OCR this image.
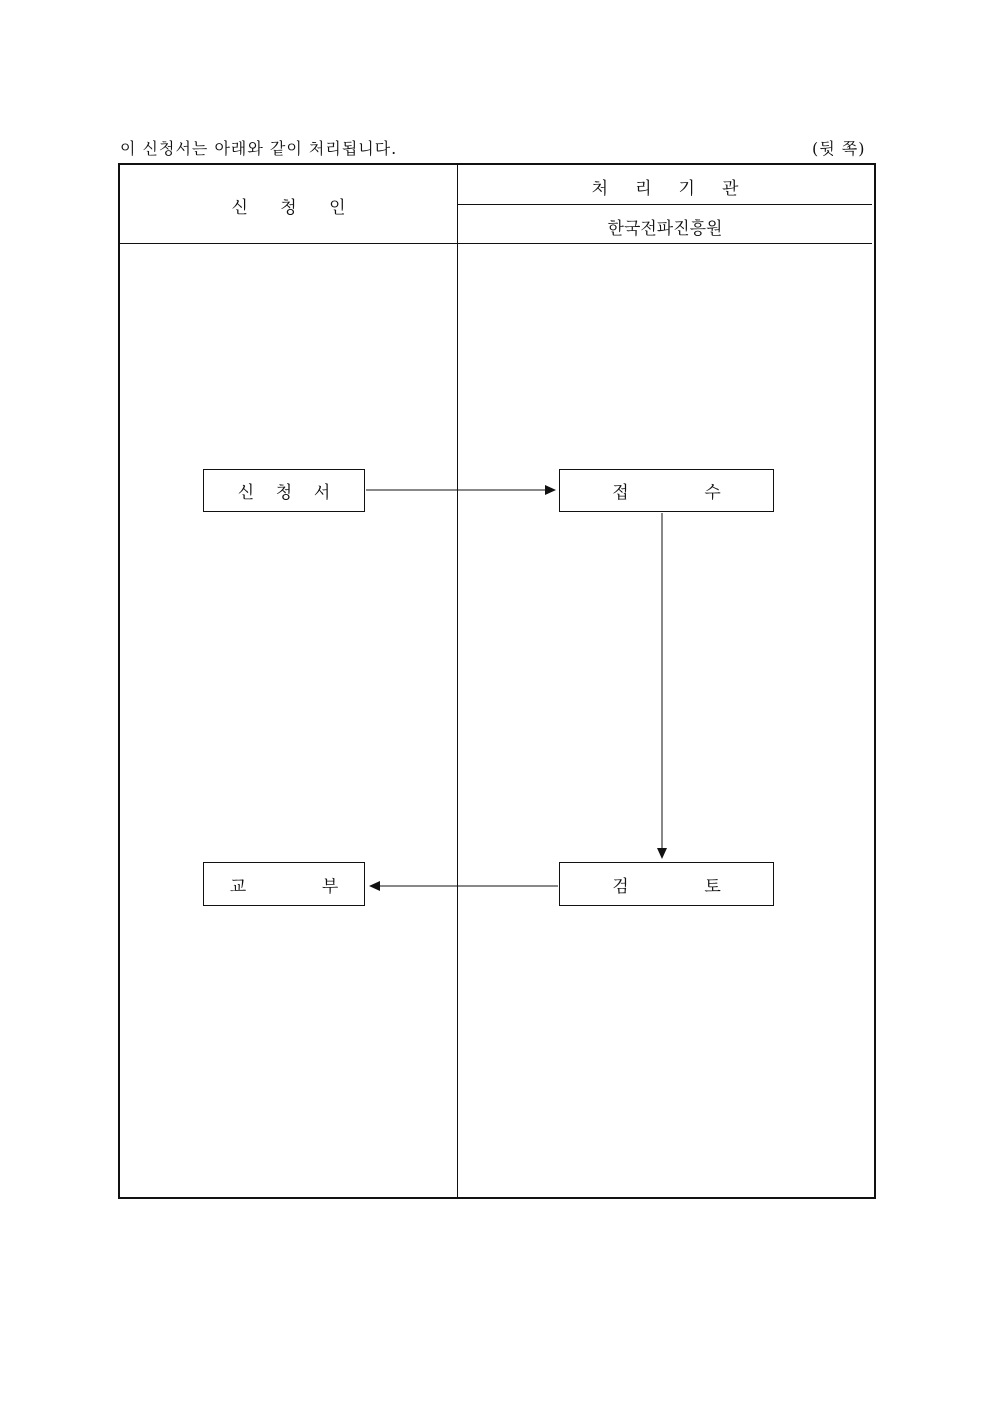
이 신청서는 아래와 같이 처리됩니다.	(뒷 쪽)
신      청      인
처     리     기     관
한국전파진흥원
신    청    서	접              수
검              토
교              부
